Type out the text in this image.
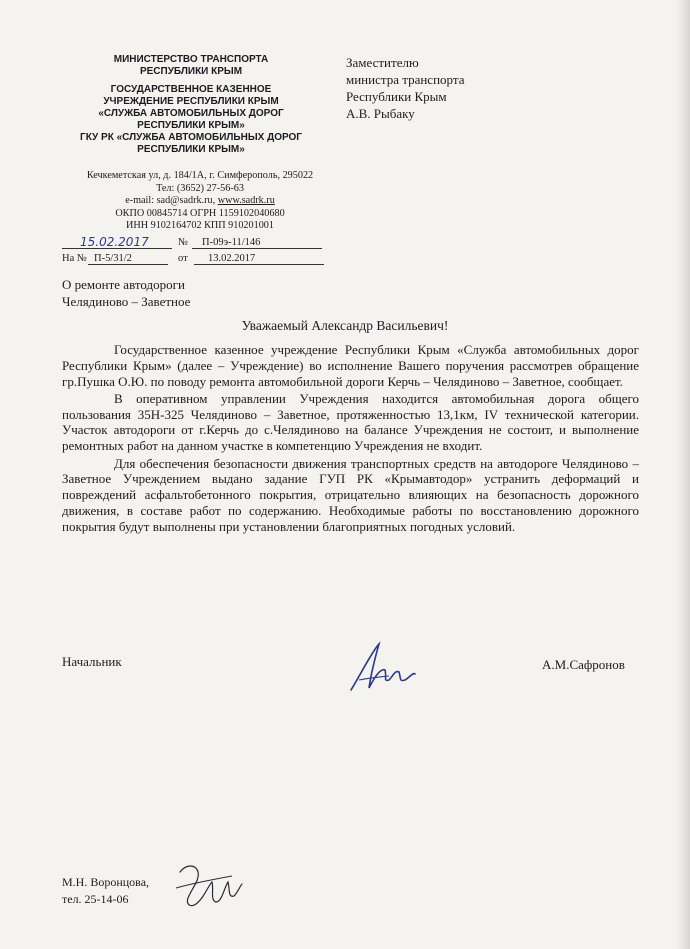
МИНИСТЕРСТВО ТРАНСПОРТА
РЕСПУБЛИКИ КРЫМ
ГОСУДАРСТВЕННОЕ КАЗЕННОЕ
УЧРЕЖДЕНИЕ РЕСПУБЛИКИ КРЫМ
«СЛУЖБА АВТОМОБИЛЬНЫХ ДОРОГ
РЕСПУБЛИКИ КРЫМ»
ГКУ РК «СЛУЖБА АВТОМОБИЛЬНЫХ ДОРОГ
РЕСПУБЛИКИ КРЫМ»
Кечкеметская ул, д. 184/1А, г. Симферополь, 295022
Тел: (3652) 27-56-63
e-mail: sad@sadrk.ru, www.sadrk.ru
ОКПО 00845714 ОГРН 1159102040680
ИНН 9102164702 КПП 910201001
15.02.2017	№ П-09э-11/146
На № П-5/31/2	от 13.02.2017
Заместителю
министра транспорта
Республики Крым
А.В. Рыбаку
О ремонте автодороги
Челядиново – Заветное
Уважаемый Александр Васильевич!

Государственное казенное учреждение Республики Крым «Служба автомобильных дорог Республики Крым» (далее – Учреждение) во исполнение Вашего поручения рассмотрев обращение гр.Пушка О.Ю. по поводу ремонта автомобильной дороги Керчь – Челядиново – Заветное, сообщает.

В оперативном управлении Учреждения находится автомобильная дорога общего пользования 35Н-325 Челядиново – Заветное, протяженностью 13,1км, IV технической категории. Участок автодороги от г.Керчь до с.Челядиново на балансе Учреждения не состоит, и выполнение ремонтных работ на данном участке в компетенцию Учреждения не входит.

Для обеспечения безопасности движения транспортных средств на автодороге Челядиново – Заветное Учреждением выдано задание ГУП РК «Крымавтодор» устранить деформаций и повреждений асфальтобетонного покрытия, отрицательно влияющих на безопасность дорожного движения, в составе работ по содержанию. Необходимые работы по восстановлению дорожного покрытия будут выполнены при установлении благоприятных погодных условий.

Начальник	А.М.Сафронов
М.Н. Воронцова,
тел. 25-14-06
